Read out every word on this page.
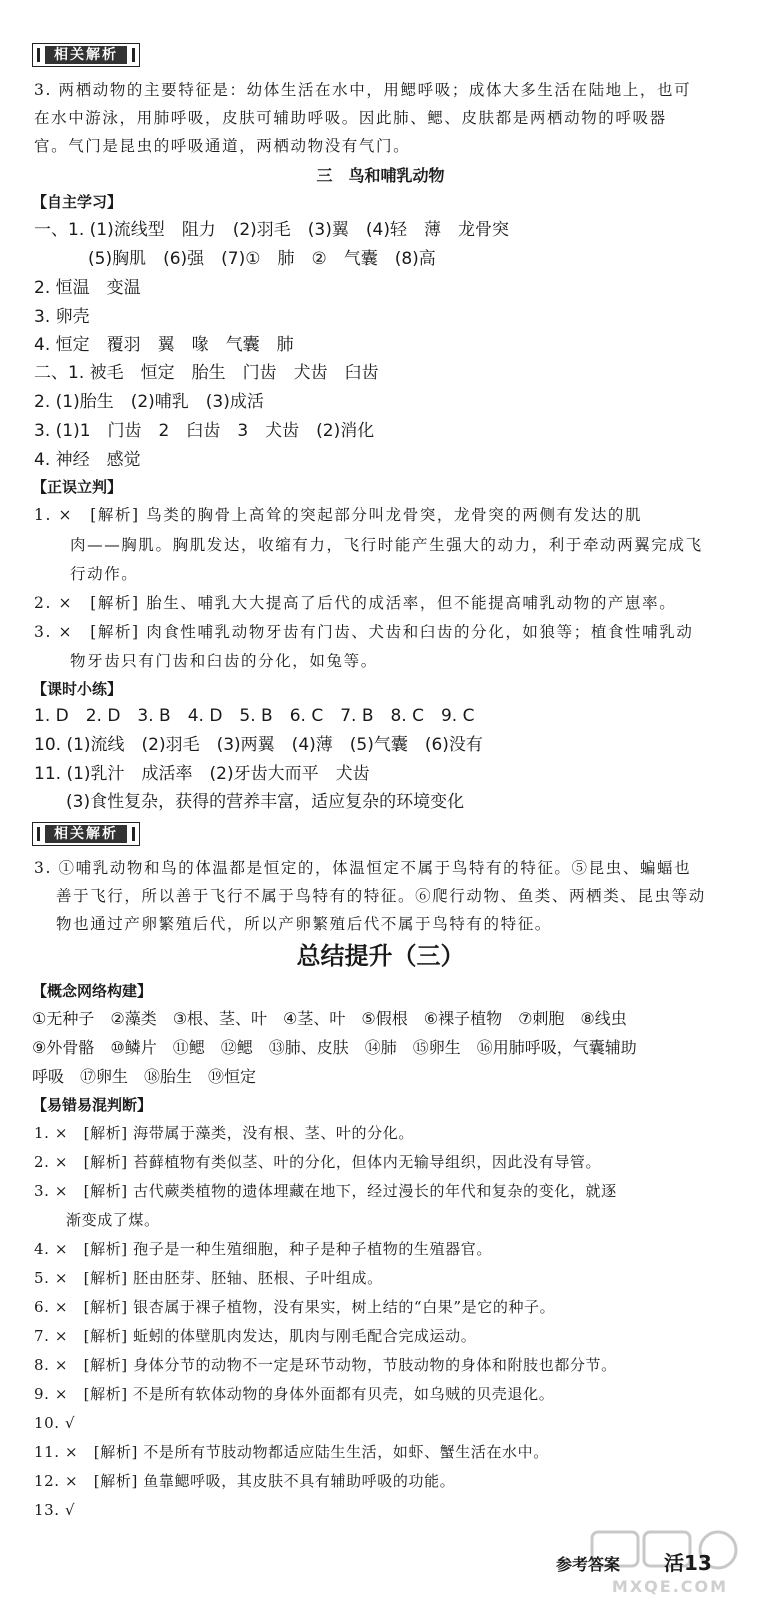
相关解析
3. 两栖动物的主要特征是：幼体生活在水中，用鳃呼吸；成体大多生活在陆地上，也可
在水中游泳，用肺呼吸，皮肤可辅助呼吸。因此肺、鳃、皮肤都是两栖动物的呼吸器
官。气门是昆虫的呼吸通道，两栖动物没有气门。
三　鸟和哺乳动物
【自主学习】
一、1. (1)流线型　阻力　(2)羽毛　(3)翼　(4)轻　薄　龙骨突
(5)胸肌　(6)强　(7)①　肺　②　气囊　(8)高
2. 恒温　变温
3. 卵壳
4. 恒定　覆羽　翼　喙　气囊　肺
二、1. 被毛　恒定　胎生　门齿　犬齿　臼齿
2. (1)胎生　(2)哺乳　(3)成活
3. (1)1　门齿　2　臼齿　3　犬齿　(2)消化
4. 神经　感觉
【正误立判】
1. ×　[解析] 鸟类的胸骨上高耸的突起部分叫龙骨突，龙骨突的两侧有发达的肌
肉——胸肌。胸肌发达，收缩有力，飞行时能产生强大的动力，利于牵动两翼完成飞
行动作。
2. ×　[解析] 胎生、哺乳大大提高了后代的成活率，但不能提高哺乳动物的产崽率。
3. ×　[解析] 肉食性哺乳动物牙齿有门齿、犬齿和臼齿的分化，如狼等；植食性哺乳动
物牙齿只有门齿和臼齿的分化，如兔等。
【课时小练】
1. D　2. D　3. B　4. D　5. B　6. C　7. B　8. C　9. C
10. (1)流线　(2)羽毛　(3)两翼　(4)薄　(5)气囊　(6)没有
11. (1)乳汁　成活率　(2)牙齿大而平　犬齿
(3)食性复杂，获得的营养丰富，适应复杂的环境变化
相关解析
3. ①哺乳动物和鸟的体温都是恒定的，体温恒定不属于鸟特有的特征。⑤昆虫、蝙蝠也
善于飞行，所以善于飞行不属于鸟特有的特征。⑥爬行动物、鱼类、两栖类、昆虫等动
物也通过产卵繁殖后代，所以产卵繁殖后代不属于鸟特有的特征。
总结提升（三）
【概念网络构建】
①无种子　②藻类　③根、茎、叶　④茎、叶　⑤假根　⑥裸子植物　⑦刺胞　⑧线虫
⑨外骨骼　⑩鳞片　⑪鳃　⑫鳃　⑬肺、皮肤　⑭肺　⑮卵生　⑯用肺呼吸，气囊辅助
呼吸　⑰卵生　⑱胎生　⑲恒定
【易错易混判断】
1. ×　[解析] 海带属于藻类，没有根、茎、叶的分化。
2. ×　[解析] 苔藓植物有类似茎、叶的分化，但体内无输导组织，因此没有导管。
3. ×　[解析] 古代蕨类植物的遗体埋藏在地下，经过漫长的年代和复杂的变化，就逐
渐变成了煤。
4. ×　[解析] 孢子是一种生殖细胞，种子是种子植物的生殖器官。
5. ×　[解析] 胚由胚芽、胚轴、胚根、子叶组成。
6. ×　[解析] 银杏属于裸子植物，没有果实，树上结的“白果”是它的种子。
7. ×　[解析] 蚯蚓的体壁肌肉发达，肌肉与刚毛配合完成运动。
8. ×　[解析] 身体分节的动物不一定是环节动物，节肢动物的身体和附肢也都分节。
9. ×　[解析] 不是所有软体动物的身体外面都有贝壳，如乌贼的贝壳退化。
10. √
11. ×　[解析] 不是所有节肢动物都适应陆生生活，如虾、蟹生活在水中。
12. ×　[解析] 鱼靠鳃呼吸，其皮肤不具有辅助呼吸的功能。
13. √
MXQE.COM
参考答案 活13
